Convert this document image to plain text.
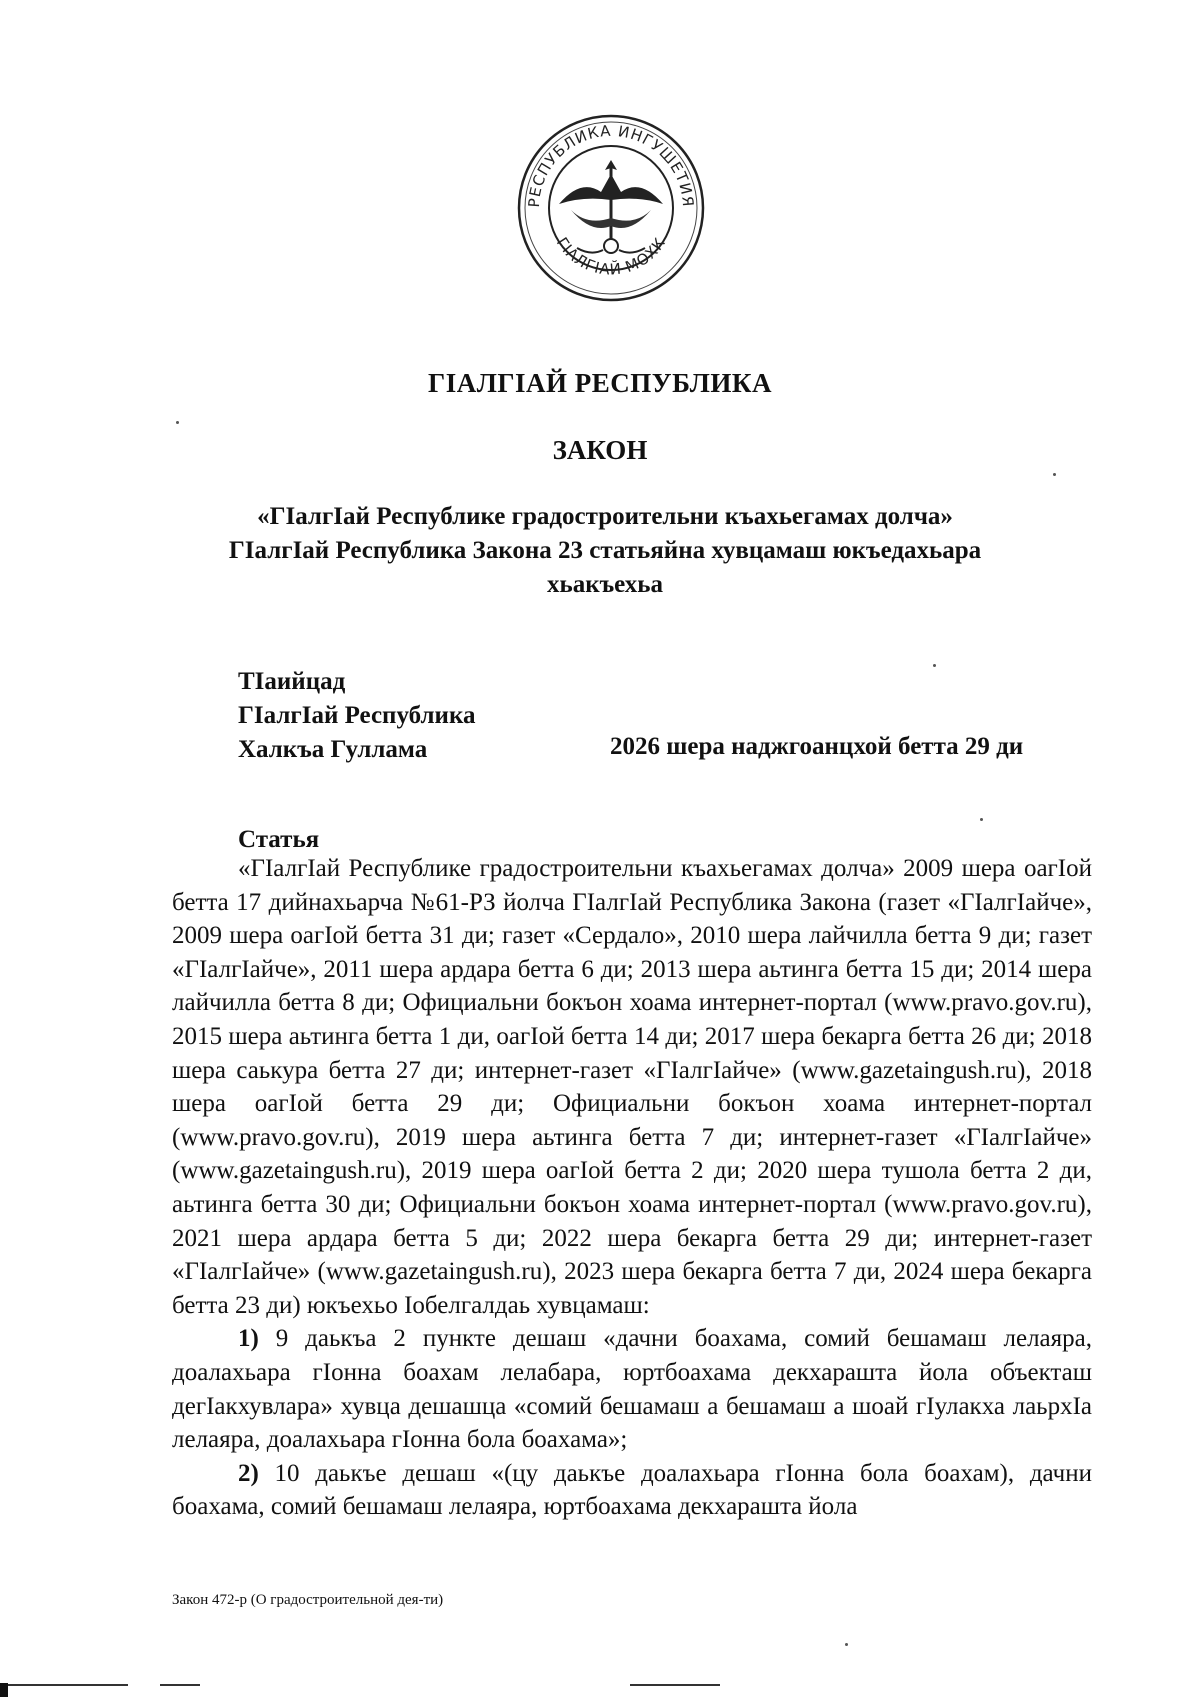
РЕСПУБЛИКА ИНГУШЕТИЯ
ГIАЛГIАЙ МОХК
ГIАЛГIАЙ РЕСПУБЛИКА
ЗАКОН
«ГIалгIай Республике градостроительни къахьегамах долча» ГIалгIай Республика Закона 23 статьяйна хувцамаш юкъедахьара хьакъехьа
ТIаийцад
ГIалгIай Республика
Халкъа Гуллама	2026 шера наджгоанцхой бетта 29 ди
Статья

«ГIалгIай Республике градостроительни къахьегамах долча» 2009 шера оагIой бетта 17 дийнахьарча №61-РЗ йолча ГIалгIай Республика Закона (газет «ГIалгIайче», 2009 шера оагIой бетта 31 ди; газет «Сердало», 2010 шера лайчилла бетта 9 ди; газет «ГIалгIайче», 2011 шера ардара бетта 6 ди; 2013 шера аьтинга бетта 15 ди; 2014 шера лайчилла бетта 8 ди; Официальни бокъон хоама интернет-портал (www.pravo.gov.ru), 2015 шера аьтинга бетта 1 ди, оагIой бетта 14 ди; 2017 шера бекарга бетта 26 ди; 2018 шера саькура бетта 27 ди; интернет-газет «ГIалгIайче» (www.gazetaingush.ru), 2018 шера оагIой бетта 29 ди; Официальни бокъон хоама интернет-портал (www.pravo.gov.ru), 2019 шера аьтинга бетта 7 ди; интернет-газет «ГIалгIайче» (www.gazetaingush.ru), 2019 шера оагIой бетта 2 ди; 2020 шера тушола бетта 2 ди, аьтинга бетта 30 ди; Официальни бокъон хоама интернет-портал (www.pravo.gov.ru), 2021 шера ардара бетта 5 ди; 2022 шера бекарга бетта 29 ди; интернет-газет «ГIалгIайче» (www.gazetaingush.ru), 2023 шера бекарга бетта 7 ди, 2024 шера бекарга бетта 23 ди) юкъехьо Iобелгалдаь хувцамаш:

1) 9 даькъа 2 пункте дешаш «дачни боахама, сомий бешамаш лелаяра, доалахьара гIонна боахам лелабара, юртбоахама декхараштa йола объекташ дегIакхувлара» хувца дешашца «сомий бешамаш а бешамаш а шоай гIулакха лаьрхIа лелаяра, доалахьара гIонна бола боахама»;

2) 10 даькъе дешаш «(цу даькъе доалахьара гIонна бола боахам), дачни боахама, сомий бешамаш лелаяра, юртбоахама декхараштa йола

Закон 472-р (О градостроительной дея-ти)
